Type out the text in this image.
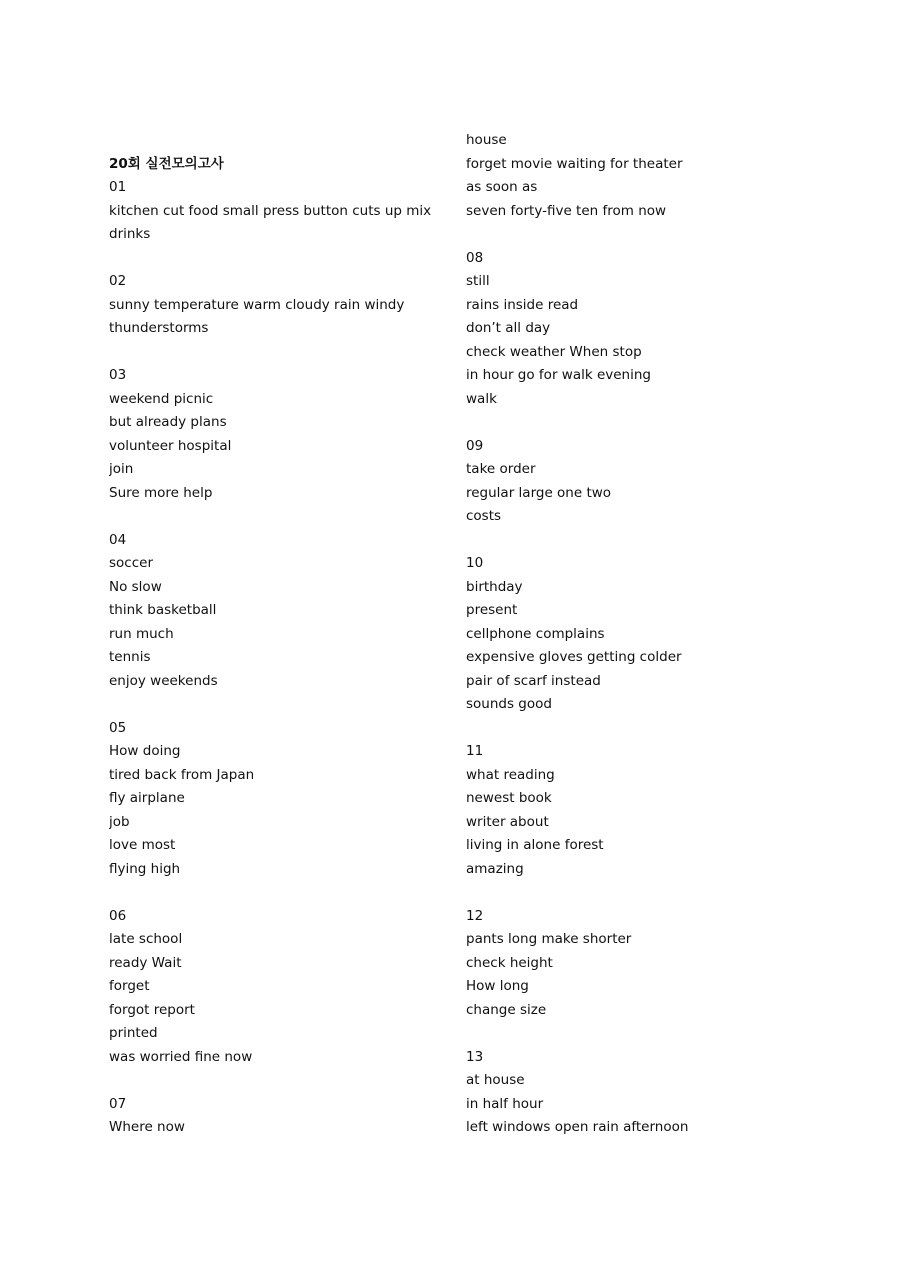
20회 실전모의고사
01
kitchen cut food small press button cuts up mix
drinks
02
sunny temperature warm cloudy rain windy
thunderstorms
03
weekend picnic
but already plans
volunteer hospital
join
Sure more help
04
soccer
No slow
think basketball
run much
tennis
enjoy weekends
05
How doing
tired back from Japan
fly airplane
job
love most
flying high
06
late school
ready Wait
forget
forgot report
printed
was worried fine now
07
Where now
house
forget movie waiting for theater
as soon as
seven forty-five ten from now
08
still
rains inside read
don’t all day
check weather When stop
in hour go for walk evening
walk
09
take order
regular large one two
costs
10
birthday
present
cellphone complains
expensive gloves getting colder
pair of scarf instead
sounds good
11
what reading
newest book
writer about
living in alone forest
amazing
12
pants long make shorter
check height
How long
change size
13
at house
in half hour
left windows open rain afternoon
